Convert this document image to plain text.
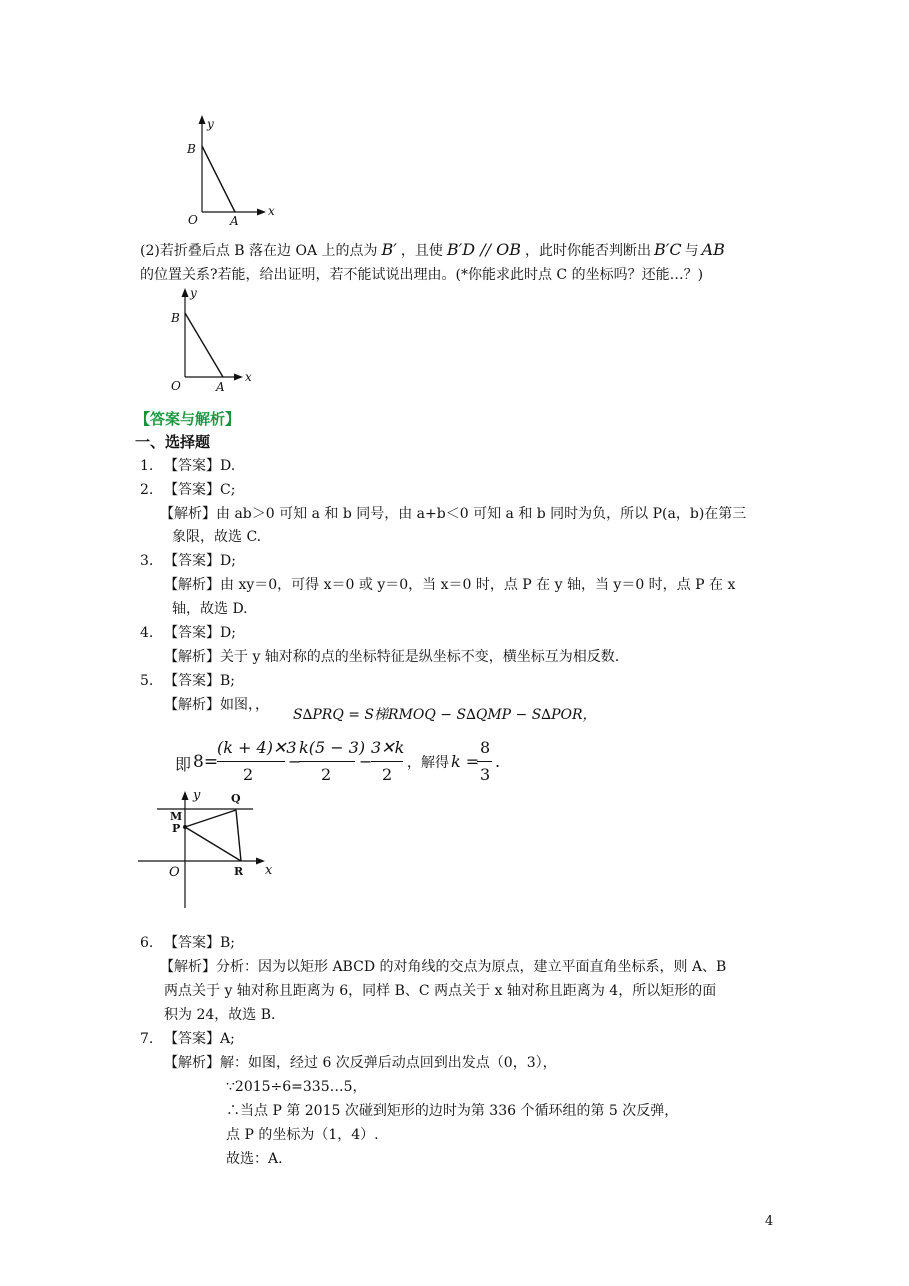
y
B
O	A
x
(2)若折叠后点 B 落在边 OA 上的点为 B′ ，且使 B′D // OB ，此时你能否判断出 B′C 与 AB
的位置关系?若能，给出证明，若不能试说出理由。(*你能求此时点 C 的坐标吗？还能…？)
y
B
O	A
x
【答案与解析】
一、选择题
1. 【答案】D.
2. 【答案】C;
【解析】由 ab＞0 可知 a 和 b 同号，由 a+b＜0 可知 a 和 b 同时为负，所以 P(a，b)在第三
象限，故选 C.
3. 【答案】D;
【解析】由 xy＝0，可得 x＝0 或 y＝0，当 x＝0 时，点 P 在 y 轴，当 y＝0 时，点 P 在 x
轴，故选 D.
4. 【答案】D;
【解析】关于 y 轴对称的点的坐标特征是纵坐标不变，横坐标互为相反数.
5. 【答案】B;
【解析】如图，，
S∆PRQ = S梯RMOQ − S∆QMP − S∆POR，
即 8=
(k + 4)✕3
2
−
k(5 − 3)
2
−
3✕k
2
，解得 k =
8
3
.
y	Q
M
P
O	R x
6. 【答案】B;
【解析】分析：因为以矩形 ABCD 的对角线的交点为原点，建立平面直角坐标系，则 A、B
两点关于 y 轴对称且距离为 6，同样 B、C 两点关于 x 轴对称且距离为 4，所以矩形的面
积为 24，故选 B.
7. 【答案】A;
【解析】解：如图，经过 6 次反弹后动点回到出发点（0，3），
∵2015÷6=335…5，
∴当点 P 第 2015 次碰到矩形的边时为第 336 个循环组的第 5 次反弹，
点 P 的坐标为（1，4）.
故选：A.
4
